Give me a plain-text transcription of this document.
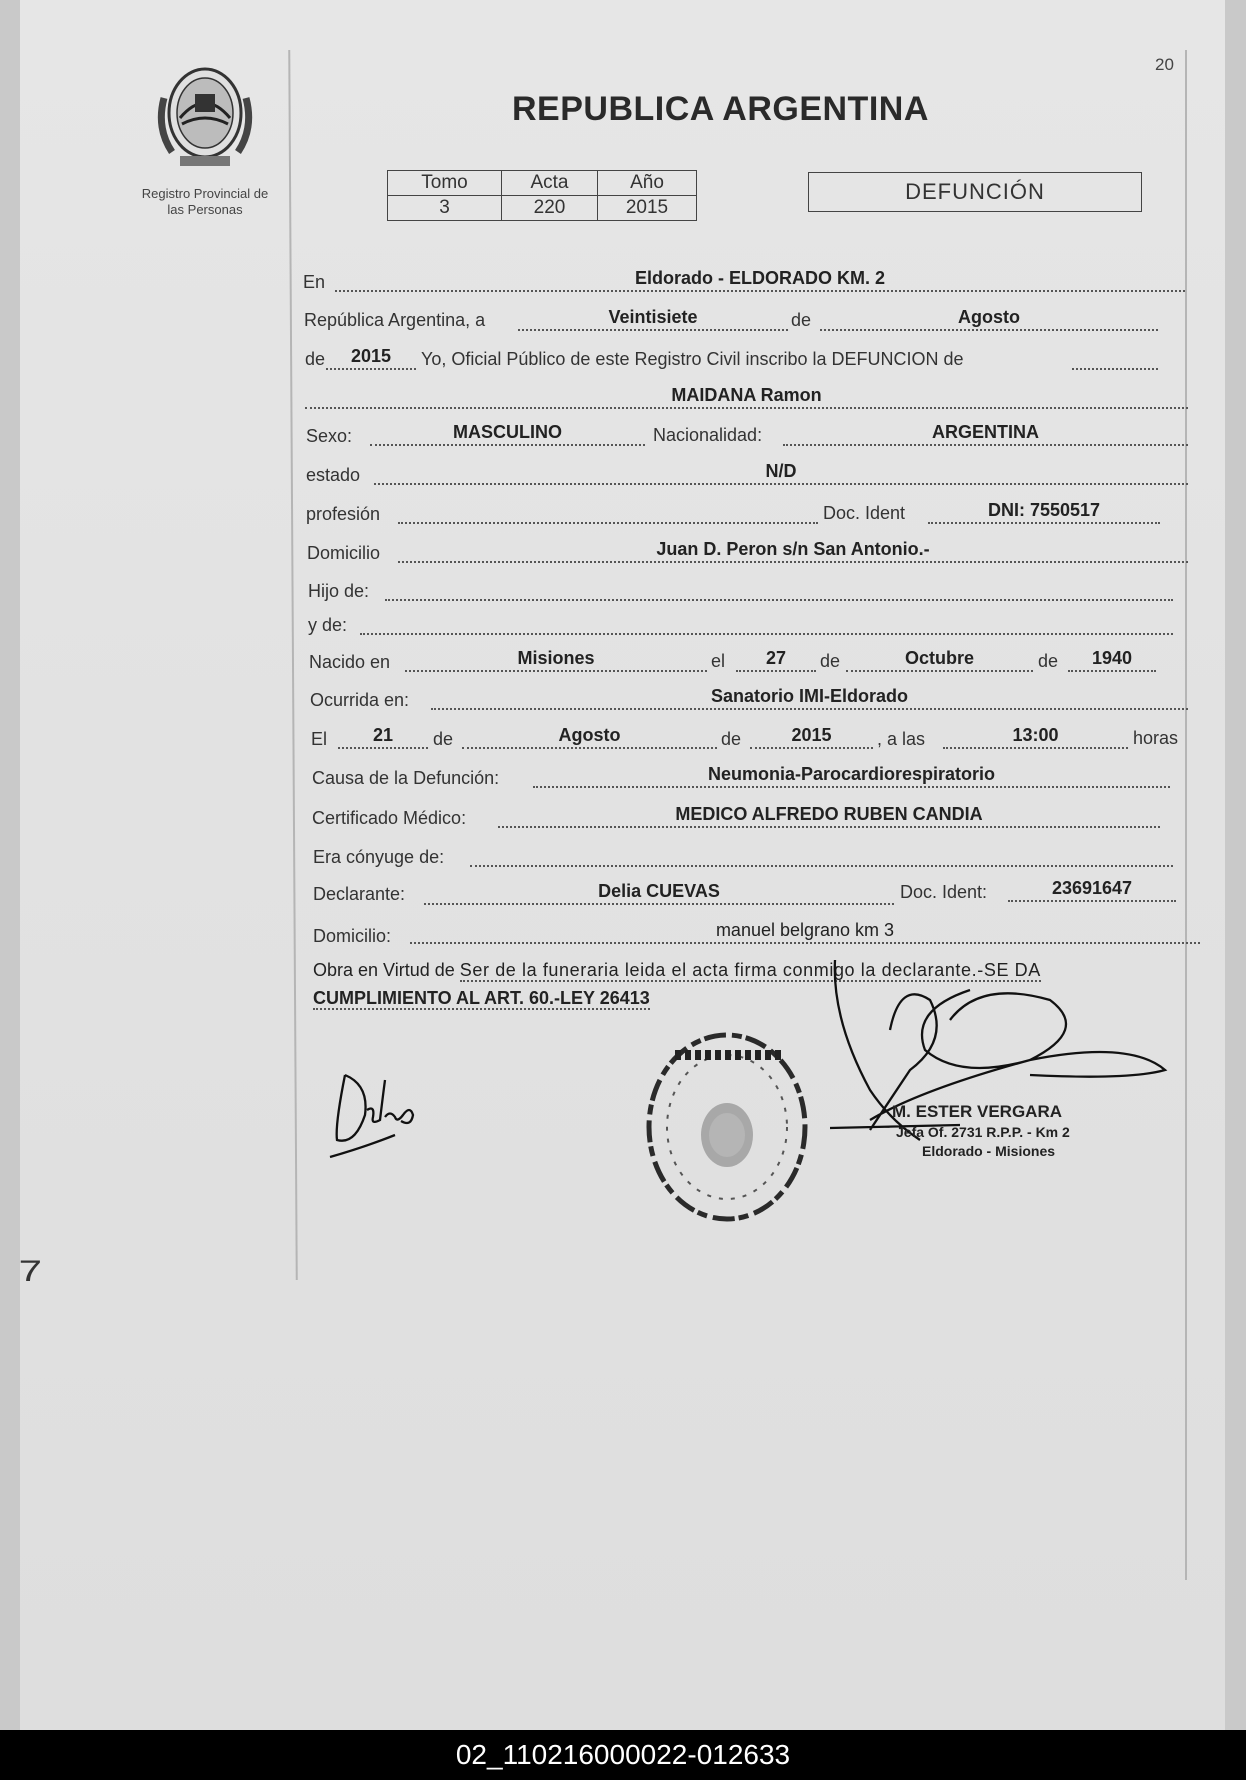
20
Registro Provincial de
las Personas
REPUBLICA ARGENTINA
Tomo	Acta	Año
3	220	2015
DEFUNCIÓN
En	Eldorado - ELDORADO KM. 2
República Argentina, a	Veintisiete	de	Agosto
de	2015	Yo, Oficial Público de este Registro Civil inscribo la DEFUNCION de
MAIDANA Ramon
Sexo:	MASCULINO	Nacionalidad:	ARGENTINA
estado	N/D
profesión	Doc. Ident	DNI: 7550517
Domicilio	Juan D. Peron s/n San Antonio.-
Hijo de:
y de:
Nacido en	Misiones	el	27	de	Octubre	de	1940
Ocurrida en:	Sanatorio IMI-Eldorado
El	21	de	Agosto	de	2015	, a las	13:00	horas
Causa de la Defunción:	Neumonia-Parocardiorespiratorio
Certificado Médico:	MEDICO ALFREDO RUBEN CANDIA
Era cónyuge de:
Declarante:	Delia CUEVAS	Doc. Ident:	23691647
Domicilio:	manuel belgrano km 3
Obra en Virtud de Ser de la funeraria leida el acta firma conmigo la declarante.-SE DA
CUMPLIMIENTO AL ART. 60.-LEY 26413
M. ESTER VERGARA
Jefa Of. 2731 R.P.P. - Km 2
Eldorado - Misiones
7
02_110216000022-012633
